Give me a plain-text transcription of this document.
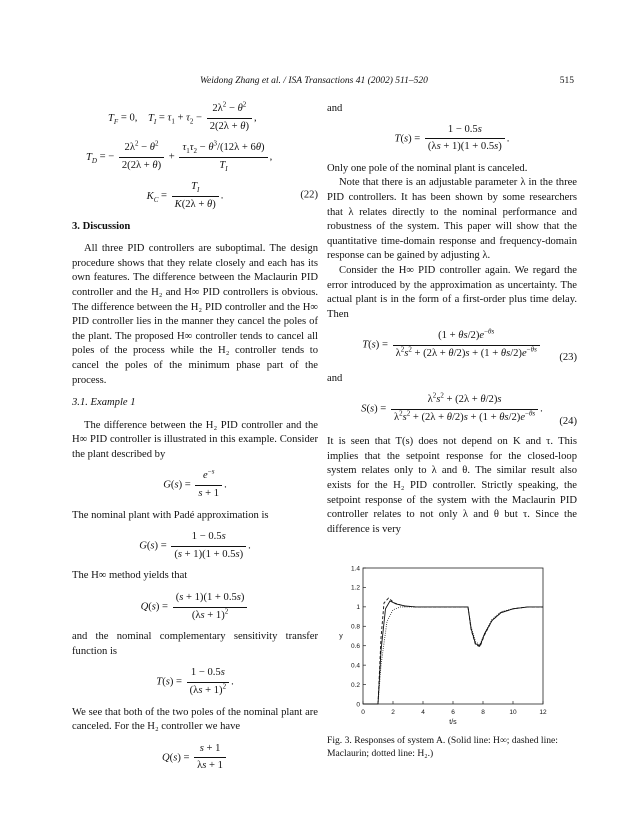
Weidong Zhang et al. / ISA Transactions 41 (2002) 511–520	515
$T_F = 0$,    $T_I = \tau_1 + \tau_2 - \frac{2\lambda^2 - \theta^2}{2(2\lambda + \theta)}$ ,
$T_D$ = − $\frac{2\lambda^2 - \theta^2}{2(2\lambda + \theta)} + \frac{\tau_1\tau_2 - \theta^3/(12\lambda + 6\theta)}{T_I}$ ,
$K_C = \frac{T_I}{K(2\lambda + \theta)}$ .	(22)
3. Discussion

All three PID controllers are suboptimal. The design procedure shows that they relate closely and each has its own features. The difference between the Maclaurin PID controller and the H₂ and H∞ PID controllers is obvious. The difference between the H₂ PID controller and the H∞ PID controller lies in the manner they cancel the poles of the plant. The proposed H∞ controller tends to cancel all poles of the process while the H₂ controller tends to cancel the poles of the minimum phase part of the process.

3.1. Example 1

The difference between the H₂ PID controller and the H∞ PID controller is illustrated in this example. Consider the plant described by

$G(s) = \frac{e^{-s}}{s + 1}$ .

The nominal plant with Padé approximation is

$G(s) = \frac{1 - 0.5s}{(s + 1)(1 + 0.5s)}$ .

The H∞ method yields that

$Q(s) = \frac{(s + 1)(1 + 0.5s)}{(\lambda s + 1)^2}$

and the nominal complementary sensitivity transfer function is

$T(s) = \frac{1 - 0.5s}{(\lambda s + 1)^2}$ .

We see that both of the two poles of the nominal plant are canceled. For the H₂ controller we have

$Q(s) = \frac{s + 1}{\lambda s + 1}$

and

$T(s) = \frac{1 - 0.5s}{(\lambda s + 1)(1 + 0.5s)}$ .

Only one pole of the nominal plant is canceled.

Note that there is an adjustable parameter λ in the three PID controllers. It has been shown by some researchers that λ relates directly to the nominal performance and robustness of the system. This paper will show that the quantitative time-domain response and frequency-domain response can be gained by adjusting λ.

Consider the H∞ PID controller again. We regard the error introduced by the approximation as uncertainty. The actual plant is in the form of a first-order plus time delay. Then

$T(s) = \frac{(1 + \theta s/2)e^{-\theta s}}{\lambda^2s^2 + (2\lambda + \theta/2)s + (1 + \theta s/2)e^{-\theta s}} (23)$

and

$S(s) = \frac{\lambda^2s^2 + (2\lambda + \theta/2)s}{\lambda^2s^2 + (2\lambda + \theta/2)s + (1 + \theta s/2)e^{-\theta s}}$ .
(24)

It is seen that T(s) does not depend on K and τ. This implies that the setpoint response for the closed-loop system relates only to λ and θ. The similar result also exists for the H₂ PID controller. Strictly speaking, the setpoint response of the system with the Maclaurin PID controller relates to not only λ and θ but τ. Since the difference is very

0	2	4	6	8	10	12
0
0.2
0.4
0.6
0.8
1
1.2
1.4
t/s
y
Fig. 3. Responses of system A. (Solid line: H∞; dashed line: Maclaurin; dotted line: H₂.)
